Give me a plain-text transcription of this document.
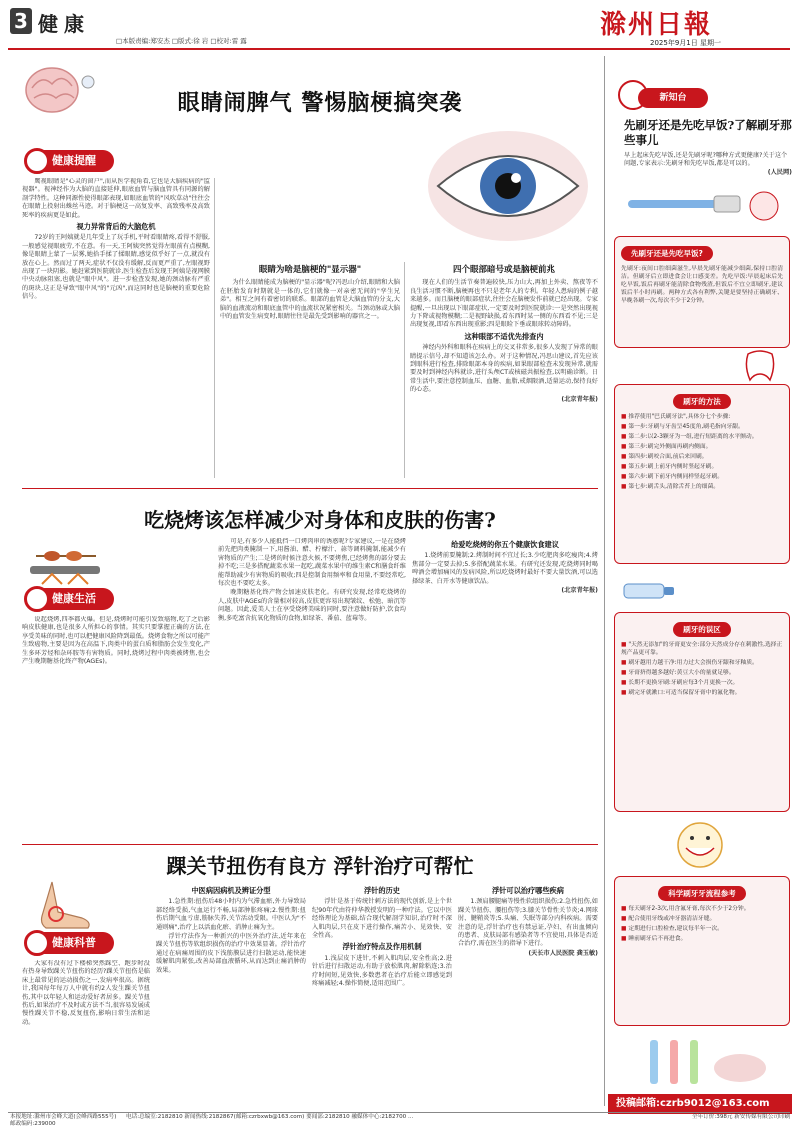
3 健康
□本版责编:郑安杰 □版式:徐 岩 □校对:雷 露
滁州日報
2025年9月1日 星期一
眼睛闹脾气 警惕脑梗搞突袭
健康提醒

鹰视眼睛是"心灵的窗户",而从医学视角看,它也是大脑疾病的"监视器"。视神经作为大脑的直接延伸,眼底血管与脑血管具有同源的解剖学特性。这种同源性使得眼部表现,如眼底血管的"风吹草动"往往会在眼睛上投射出蛛丝马迹。对于脑梗这一高复发率、高致残率及高致死率的疾病更是如此。

视力异常背后的大脑危机

72岁的王阿姨就是几年受上了玩手机,平时看眼睛疼,看得不舒服,一般感觉视眼疲劳,不在意。有一天,王阿姨突然觉得左眼前有点模糊,像是眼睛上蒙了一层雾,她拾手揉了揉眼睛,感觉似乎好了一点,就没有放在心上。然而过了两天,症状不仅没有缓解,反而更严重了,左眼视野出现了一块阴影。她赶紧到医院就诊,医生检查后发现王阿姨是视网膜中央动脉阻塞,也就是"眼中风"。进一步检查发现,她的颈动脉有严重的斑块,这正是导致"眼中风"的"元凶",而这同时也是脑梗的重要危险信号。

眼睛为啥是脑梗的"显示器"

为什么眼睛能成为脑梗的"显示器"呢?冯思山介绍,眼睛和大脑在胚胎发育时期就是一体的,它们就像一对亲密无间的"孪生兄弟"。相互之间有着密切的联系。眼部的血管是大脑血管的分支,大脑的血液流动和眼底血管中的血流状况紧密相关。当颈动脉或大脑中的血管发生病变时,眼睛往往是最先受到影响的器官之一。

四个眼部暗号或是脑梗前兆

现在人们的生活节奏普遍较快,压力山大,再加上外卖、熬夜等不良生活习惯不断,脑梗再也不只是老年人的专利。年轻人患病的例子越来越多。而且脑梗的眼部症状,往往会在脑梗发作前就已经出现。专家提醒,一旦出现以下眼部症状,一定要及时到医院就诊:一是突然出现视力下降或视物模糊;二是视野缺损,看东西时某一侧的东西看不见;三是出现复视,即看东西出现重影;四是眼睑下垂或眼球转动障碍。

这种眼部不适优先排查内

神经内外科和眼科在疾病上的交叉非常多,很多人发现了异常的眼睛提示信号,却不知道该怎么办。对于这种情况,冯思山建议,首先应该到眼科进行检查,排除眼部本身的疾病,如果眼部检查未发现异常,就需要及时到神经内科就诊,进行头颅CT或核磁共振检查,以明确诊断。日常生活中,要注意控制血压、血糖、血脂,戒烟限酒,适量运动,保持良好的心态。

(北京青年报)
吃烧烤该怎样减少对身体和皮肤的伤害?
健康生活

说起烧烤,四季都火爆。但是,烧烤时可能引发致癌物,吃了之后影响皮肤健康,也是很多人所担心的事情。其实只要掌握正确的方法,在享受美味的同时,也可以把健康风险降到最低。烧烤食物之所以可能产生致癌物,主要是因为在高温下,肉类中的蛋白质和脂肪会发生变化,产生多环芳烃和杂环胺等有害物质。同时,烧烤过程中肉类被烤焦,也会产生晚期糖基化终产物(AGEs)。

可是,有多少人能抵挡一口烤肉串的诱惑呢?专家建议,一是在烧烤前先把肉类腌制一下,用酱油、醋、柠檬汁、蒜等调料腌制,能减少有害物质的产生;二是烤的时候注意火候,不要烤焦,已经烤焦的部分要去掉不吃;三是多搭配蔬菜水果一起吃,蔬菜水果中的维生素C和膳食纤维能帮助减少有害物质的吸收;四是控制食用频率和食用量,不要经常吃,每次也不要吃太多。

晚期糖基化终产物会加速皮肤老化。有研究发现,经常吃烧烤的人,皮肤中AGEs的含量相对较高,皮肤更容易出现皱纹、松弛、暗沉等问题。因此,爱美人士在享受烧烤美味的同时,要注意做好防护,饮食均衡,多吃富含抗氧化物质的食物,如绿茶、番茄、蓝莓等。

给爱吃烧烤的你五个健康饮食建议

1.烧烤前要腌制;2.烤制时间不宜过长;3.少吃肥肉多吃瘦肉;4.烤焦部分一定要去掉;5.多搭配蔬菜水果。有研究还发现,吃烧烤同时喝啤酒会增加痛风的发病风险,所以吃烧烤时最好不要大量饮酒,可以选择绿茶、白开水等健康饮品。

(北京青年报)
踝关节扭伤有良方 浮针治疗可帮忙
健康科普

大家有没有过下楼梯突然踩空、跑步时没有热身导致踝关节扭伤的经历?踝关节扭伤是临床上最常见的运动损伤之一,发病率很高。据统计,我国每年每万人中就有约2人发生踝关节扭伤,其中以年轻人和运动爱好者居多。踝关节扭伤后,如果治疗不及时或方法不当,很容易发展成慢性踝关节不稳,反复扭伤,影响日常生活和运动。

中医病因病机及辨证分型

1.急性期:扭伤后48小时内为气滞血瘀,外力导致局部经络受损,气血运行不畅,局部肿胀疼痛;2.慢性期:扭伤后期气血亏虚,筋脉失养,关节活动受限。中医认为"不通则痛",治疗上以活血化瘀、消肿止痛为主。

浮针疗法作为一种新兴的中医外治疗法,近年来在踝关节扭伤等软组织损伤的治疗中效果显著。浮针治疗通过在病痛周围的皮下浅筋膜层进行扫散运动,能快速缓解肌肉紧张,改善局部血液循环,从而达到止痛消肿的效果。

浮针的历史

浮针是基于传统针刺方法的现代创新,是上个世纪90年代由符仲华教授发明的一种疗法。它以中医经络理论为基础,结合现代解剖学知识,治疗时不深入肌肉层,只在皮下进行操作,痛苦小、见效快、安全性高。

浮针治疗特点及作用机制

1.浅层皮下进针,不刺入肌肉层,安全性高;2.进针后进行扫散运动,有助于放松肌肉,解除粘连;3.治疗时间短,见效快,多数患者在治疗后能立即感觉到疼痛减轻;4.操作简便,适用范围广。

浮针可以治疗哪些疾病

1.颈肩腰腿痛等慢性软组织损伤;2.急性扭伤,如踝关节扭伤、腰扭伤等;3.膝关节骨性关节炎;4.网球肘、腱鞘炎等;5.头痛、失眠等部分内科疾病。需要注意的是,浮针治疗也有禁忌证,孕妇、有出血倾向的患者、皮肤局部有感染者等不宜使用,具体是否适合治疗,需在医生的指导下进行。

(天长市人民医院 龚玉敏)
新知台
先刷牙还是先吃早饭?了解刷牙那些事儿
早上起床先吃早饭,还是先刷牙呢?哪种方式更健康?关于这个问题,专家表示:先刷牙和先吃早饭,都是可以的。
(人民网)
先刷牙还是先吃早饭?
先刷牙:夜间口腔细菌滋生,早晨先刷牙能减少细菌,保持口腔清洁。但刷牙后立即进食会让口感变差。先吃早饭:早晨起床后先吃早饭,饭后再刷牙能清除食物残渣,但饭后不宜立即刷牙,建议饭后半小时再刷。两种方式各有利弊,关键是要坚持正确刷牙、早晚各刷一次,每次不少于2分钟。
刷牙的方法
■ 推荐使用"巴氏刷牙法",具体分七个步骤:
■ 第一步:牙刷与牙齿呈45度角,刷毛指向牙龈。
■ 第二步:以2-3颗牙为一组,进行短距离的水平颤动。
■ 第三步:刷完外侧面再刷内侧面。
■ 第四步:刷咬合面,前后来回刷。
■ 第五步:刷上前牙内侧时竖起牙刷。
■ 第六步:刷下前牙内侧同样竖起牙刷。
■ 第七步:刷舌头,清除舌苔上的细菌。
刷牙的误区
■ "天然无添加"的牙膏更安全:部分天然成分存在刺激性,选择正规产品更可靠。
■ 刷牙越用力越干净:用力过大会损伤牙龈和牙釉质。
■ 牙膏挤得越多越好:黄豆大小的量就足够。
■ 长期不更换牙刷:牙刷应每3个月更换一次。
■ 刷完牙就漱口:可适当保留牙膏中的氟化物。
科学刷牙牙流程参考
■ 每天刷牙2-3次,用含氟牙膏,每次不少于2分钟。
■ 配合使用牙线或冲牙器清洁牙缝。
■ 定期进行口腔检查,建议每半年一次。
■ 睡前刷牙后不再进食。
投稿邮箱:czrb9012@163.com
本报地址:滁州市会峰大道(会峰西路555号) 邮政编码:239000
电话:总编室:2182810 新闻热线:2182867(邮箱:czrbxwb@163.com) 要闻部:2182810 融媒体中心:2182700 ...	全年订价:398元 新安传媒有限公司印刷
